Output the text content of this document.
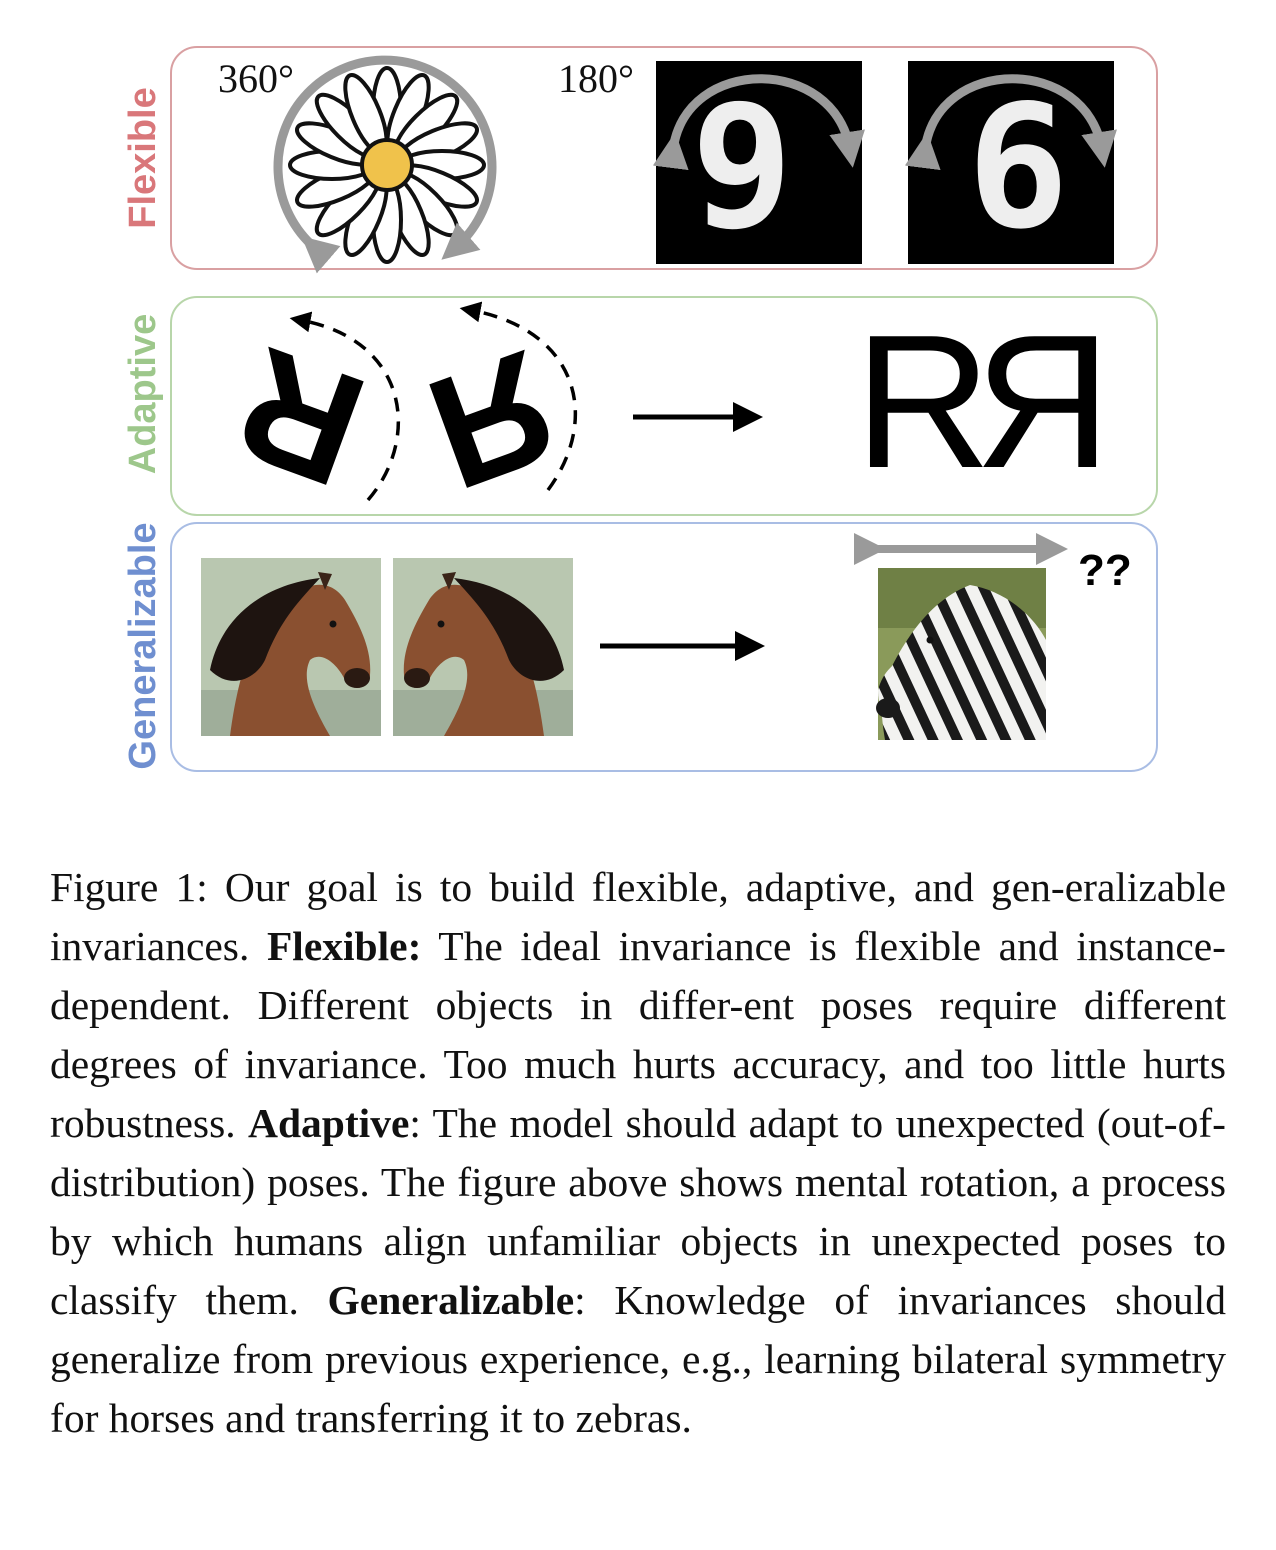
Flexible
360°	180° 9 6
Adaptive R R R
R
Generalizable	??

Figure 1: Our goal is to build flexible, adaptive, and gen-eralizable invariances. Flexible: The ideal invariance is flexible and instance-dependent. Different objects in differ-ent poses require different degrees of invariance. Too much hurts accuracy, and too little hurts robustness. Adaptive: The model should adapt to unexpected (out-of-distribution) poses. The figure above shows mental rotation, a process by which humans align unfamiliar objects in unexpected poses to classify them. Generalizable: Knowledge of invariances should generalize from previous experience, e.g., learning bilateral symmetry for horses and transferring it to zebras.
